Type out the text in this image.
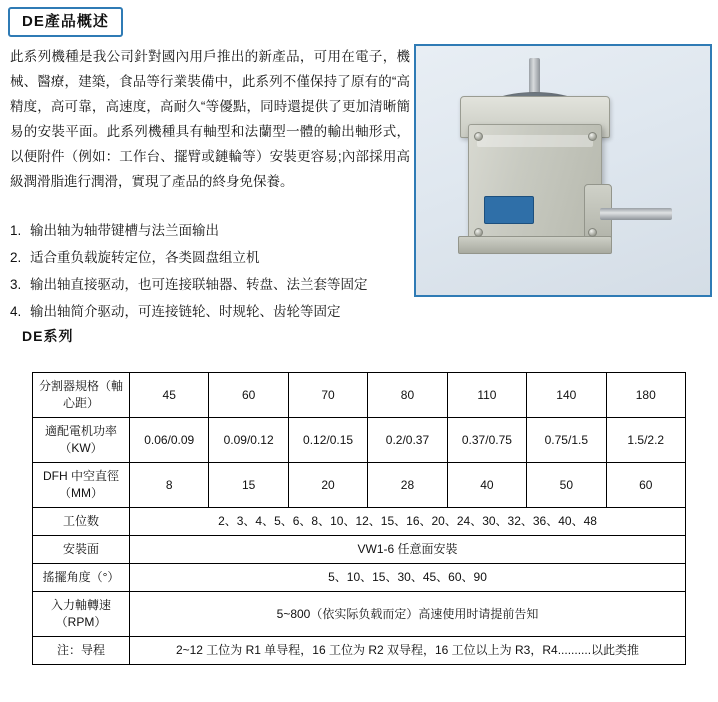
DE產品概述
此系列機種是我公司針對國內用戶推出的新產品，可用在電子，機械、醫療，建築，食品等行業裝備中，此系列不僅保持了原有的“高精度，高可靠，高速度，高耐久“等優點，同時還提供了更加清晰簡易的安裝平面。此系列機種具有軸型和法蘭型一體的輸出軸形式，以便附件（例如：工作台、擺臂或鏈輪等）安裝更容易;內部採用高級潤滑脂進行潤滑，實現了產品的終身免保養。
1. 输出轴为轴带键槽与法兰面输出
2. 适合重负载旋转定位，各类圆盘组立机
3. 输出轴直接驱动，也可连接联轴器、转盘、法兰套等固定
4. 输出轴简介驱动，可连接链轮、时规轮、齿轮等固定
DE系列
分割器規格（軸心距）	45	60	70	80	110	140	180
適配電机功率（KW）	0.06/0.09	0.09/0.12	0.12/0.15	0.2/0.37	0.37/0.75	0.75/1.5	1.5/2.2
DFH 中空直徑（MM）	8	15	20	28	40	50	60
工位数	2、3、4、5、6、8、10、12、15、16、20、24、30、32、36、40、48						
安裝面	VW1-6 任意面安裝						
搖擺角度（°）	5、10、15、30、45、60、90						
入力軸轉速（RPM）	5~800（依实际负载而定）高速使用时请提前告知						
注：导程	2~12 工位为 R1 单导程，16 工位为 R2 双导程，16 工位以上为 R3，R4..........以此类推						
